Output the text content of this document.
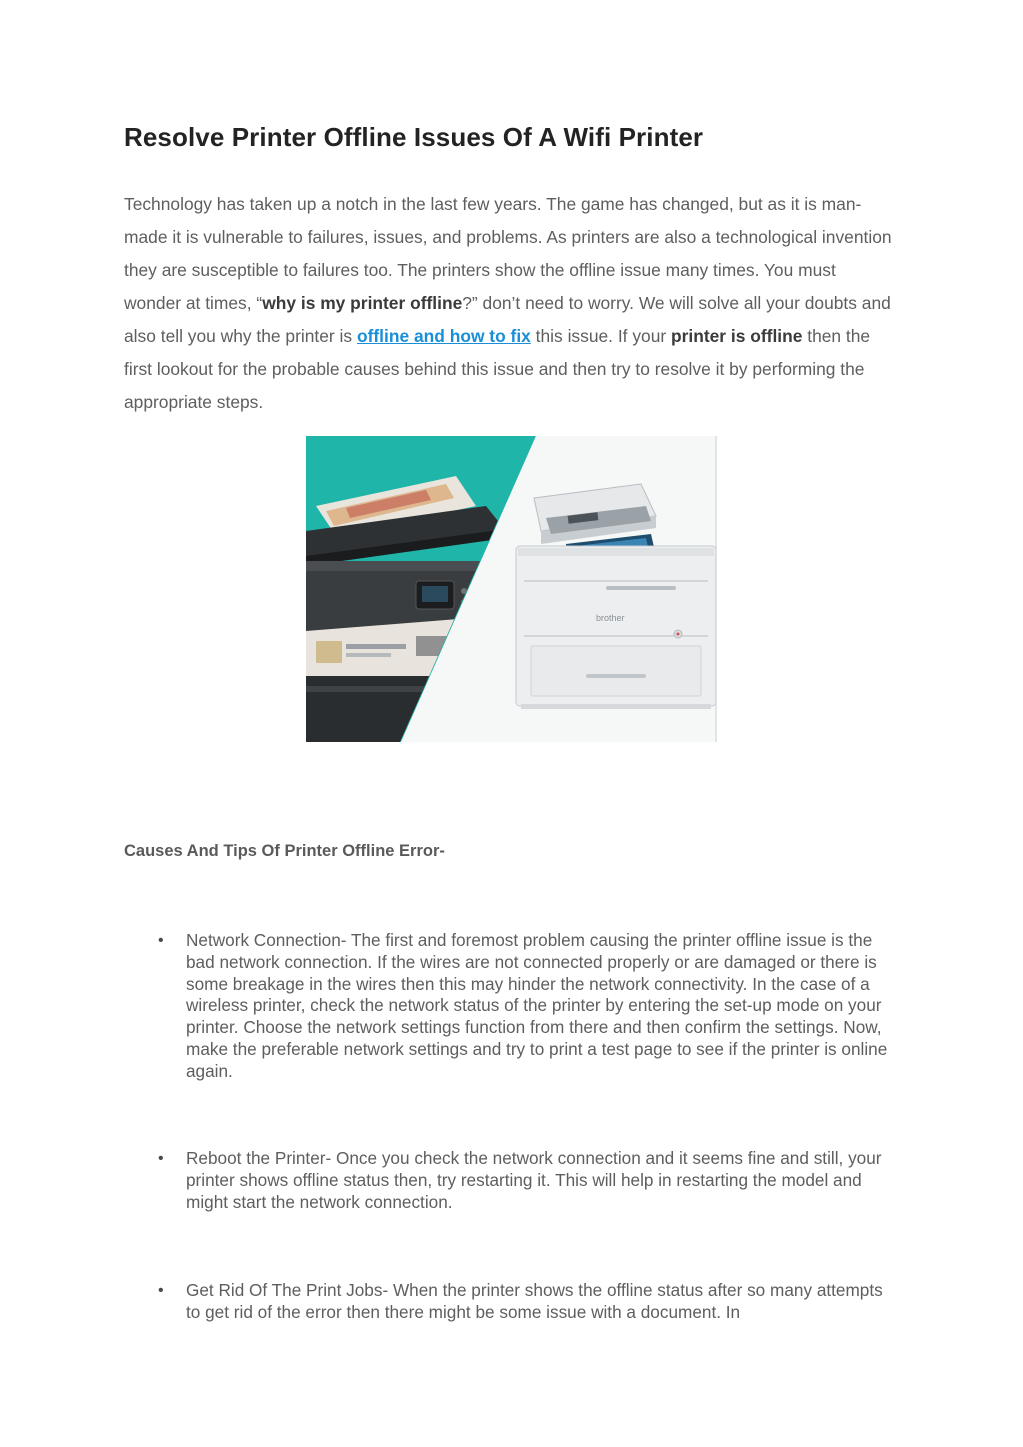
Resolve Printer Offline Issues Of A Wifi Printer

Technology has taken up a notch in the last few years. The game has changed, but as it is man-made it is vulnerable to failures, issues, and problems. As printers are also a technological invention they are susceptible to failures too. The printers show the offline issue many times. You must wonder at times, “why is my printer offline?” don’t need to worry. We will solve all your doubts and also tell you why the printer is offline and how to fix this issue. If your printer is offline then the first lookout for the probable causes behind this issue and then try to resolve it by performing the appropriate steps.

brother
Causes And Tips Of Printer Offline Error-
• Network Connection- The first and foremost problem causing the printer offline issue is the bad network connection. If the wires are not connected properly or are damaged or there is some breakage in the wires then this may hinder the network connectivity. In the case of a wireless printer, check the network status of the printer by entering the set-up mode on your printer. Choose the network settings function from there and then confirm the settings. Now, make the preferable network settings and try to print a test page to see if the printer is online again.

• Reboot the Printer- Once you check the network connection and it seems fine and still, your printer shows offline status then, try restarting it. This will help in restarting the model and might start the network connection.

• Get Rid Of The Print Jobs- When the printer shows the offline status after so many attempts to get rid of the error then there might be some issue with a document. In
